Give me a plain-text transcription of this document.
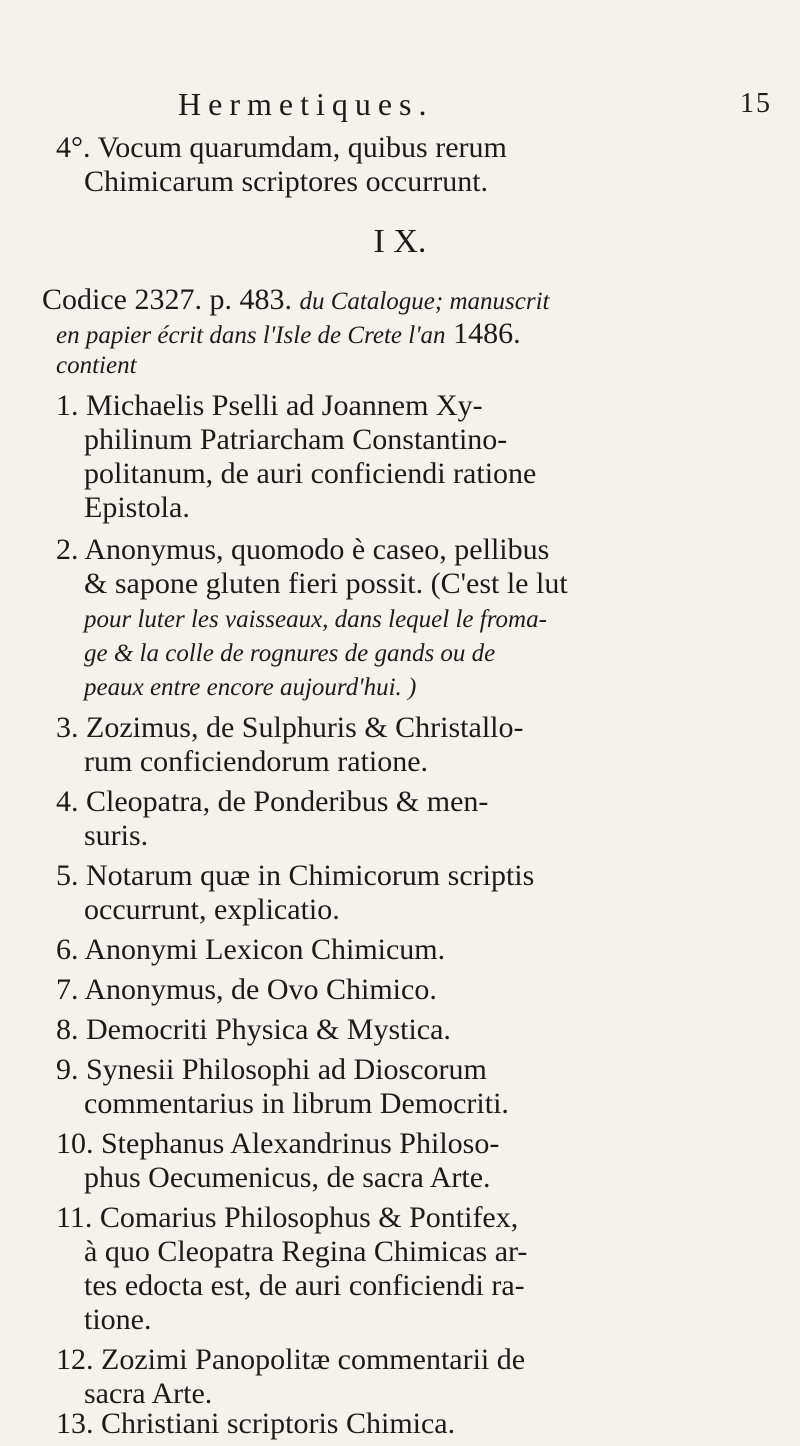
Hermetiques.	15
4°. Vocum quarumdam, quibus rerum
Chimicarum scriptores occurrunt.
I X.
Codice 2327. p. 483. du Catalogue; manuscrit
en papier écrit dans l'Isle de Crete l'an 1486.
contient
1. Michaelis Pselli ad Joannem Xy-
philinum Patriarcham Constantino-
politanum, de auri conficiendi ratione
Epistola.
2. Anonymus, quomodo è caseo, pellibus
& sapone gluten fieri possit. (C'est le lut
pour luter les vaisseaux, dans lequel le froma-
ge & la colle de rognures de gands ou de
peaux entre encore aujourd'hui. )
3. Zozimus, de Sulphuris & Christallo-
rum conficiendorum ratione.
4. Cleopatra, de Ponderibus & men-
suris.
5. Notarum quæ in Chimicorum scriptis
occurrunt, explicatio.
6. Anonymi Lexicon Chimicum.
7. Anonymus, de Ovo Chimico.
8. Democriti Physica & Mystica.
9. Synesii Philosophi ad Dioscorum
commentarius in librum Democriti.
10. Stephanus Alexandrinus Philoso-
phus Oecumenicus, de sacra Arte.
11. Comarius Philosophus & Pontifex,
à quo Cleopatra Regina Chimicas ar-
tes edocta est, de auri conficiendi ra-
tione.
12. Zozimi Panopolitæ commentarii de
sacra Arte.
13. Christiani scriptoris Chimica.
